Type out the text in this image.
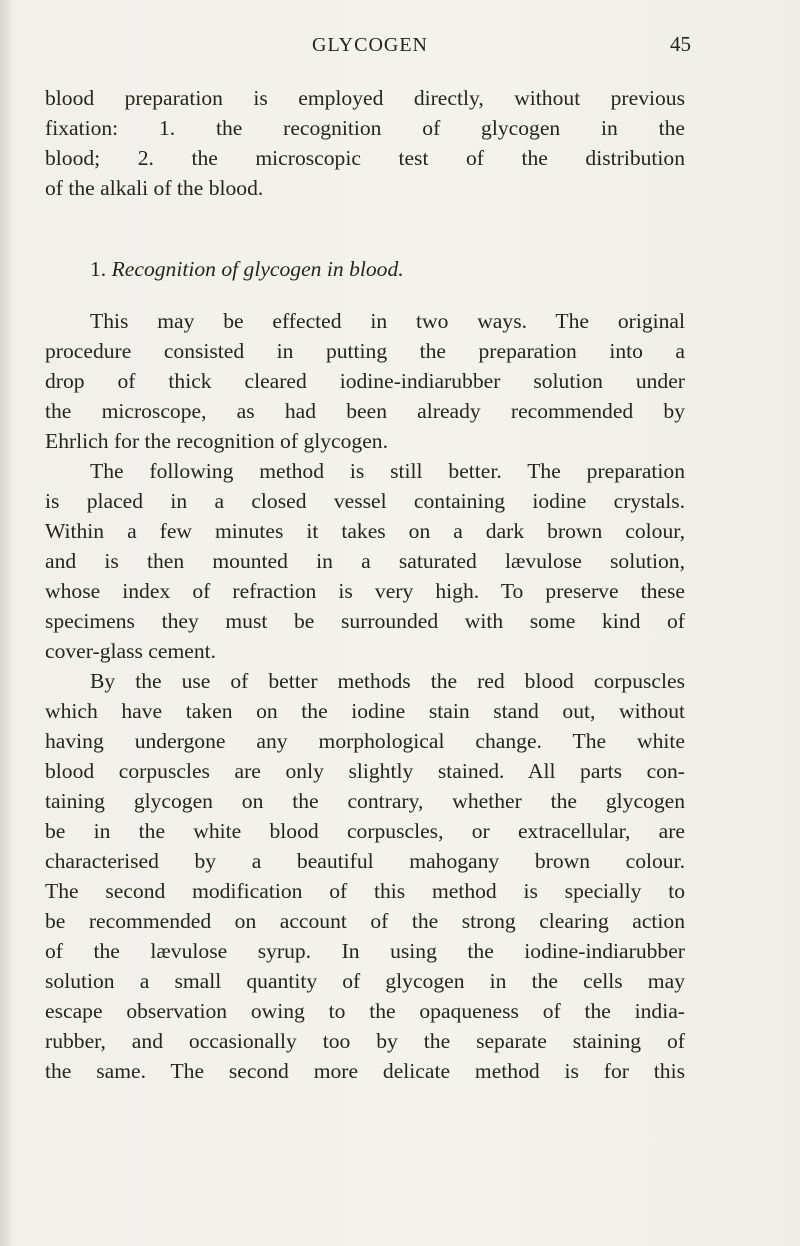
GLYCOGEN	45
blood preparation is employed directly, without previous
fixation: 1. the recognition of glycogen in the
blood; 2. the microscopic test of the distribution
of the alkali of the blood.
1. Recognition of glycogen in blood.
This may be effected in two ways. The original
procedure consisted in putting the preparation into a
drop of thick cleared iodine-indiarubber solution under
the microscope, as had been already recommended by
Ehrlich for the recognition of glycogen.
The following method is still better. The preparation
is placed in a closed vessel containing iodine crystals.
Within a few minutes it takes on a dark brown colour,
and is then mounted in a saturated lævulose solution,
whose index of refraction is very high. To preserve these
specimens they must be surrounded with some kind of
cover-glass cement.
By the use of better methods the red blood corpuscles
which have taken on the iodine stain stand out, without
having undergone any morphological change. The white
blood corpuscles are only slightly stained. All parts con-
taining glycogen on the contrary, whether the glycogen
be in the white blood corpuscles, or extracellular, are
characterised by a beautiful mahogany brown colour.
The second modification of this method is specially to
be recommended on account of the strong clearing action
of the lævulose syrup. In using the iodine-indiarubber
solution a small quantity of glycogen in the cells may
escape observation owing to the opaqueness of the india-
rubber, and occasionally too by the separate staining of
the same. The second more delicate method is for this
